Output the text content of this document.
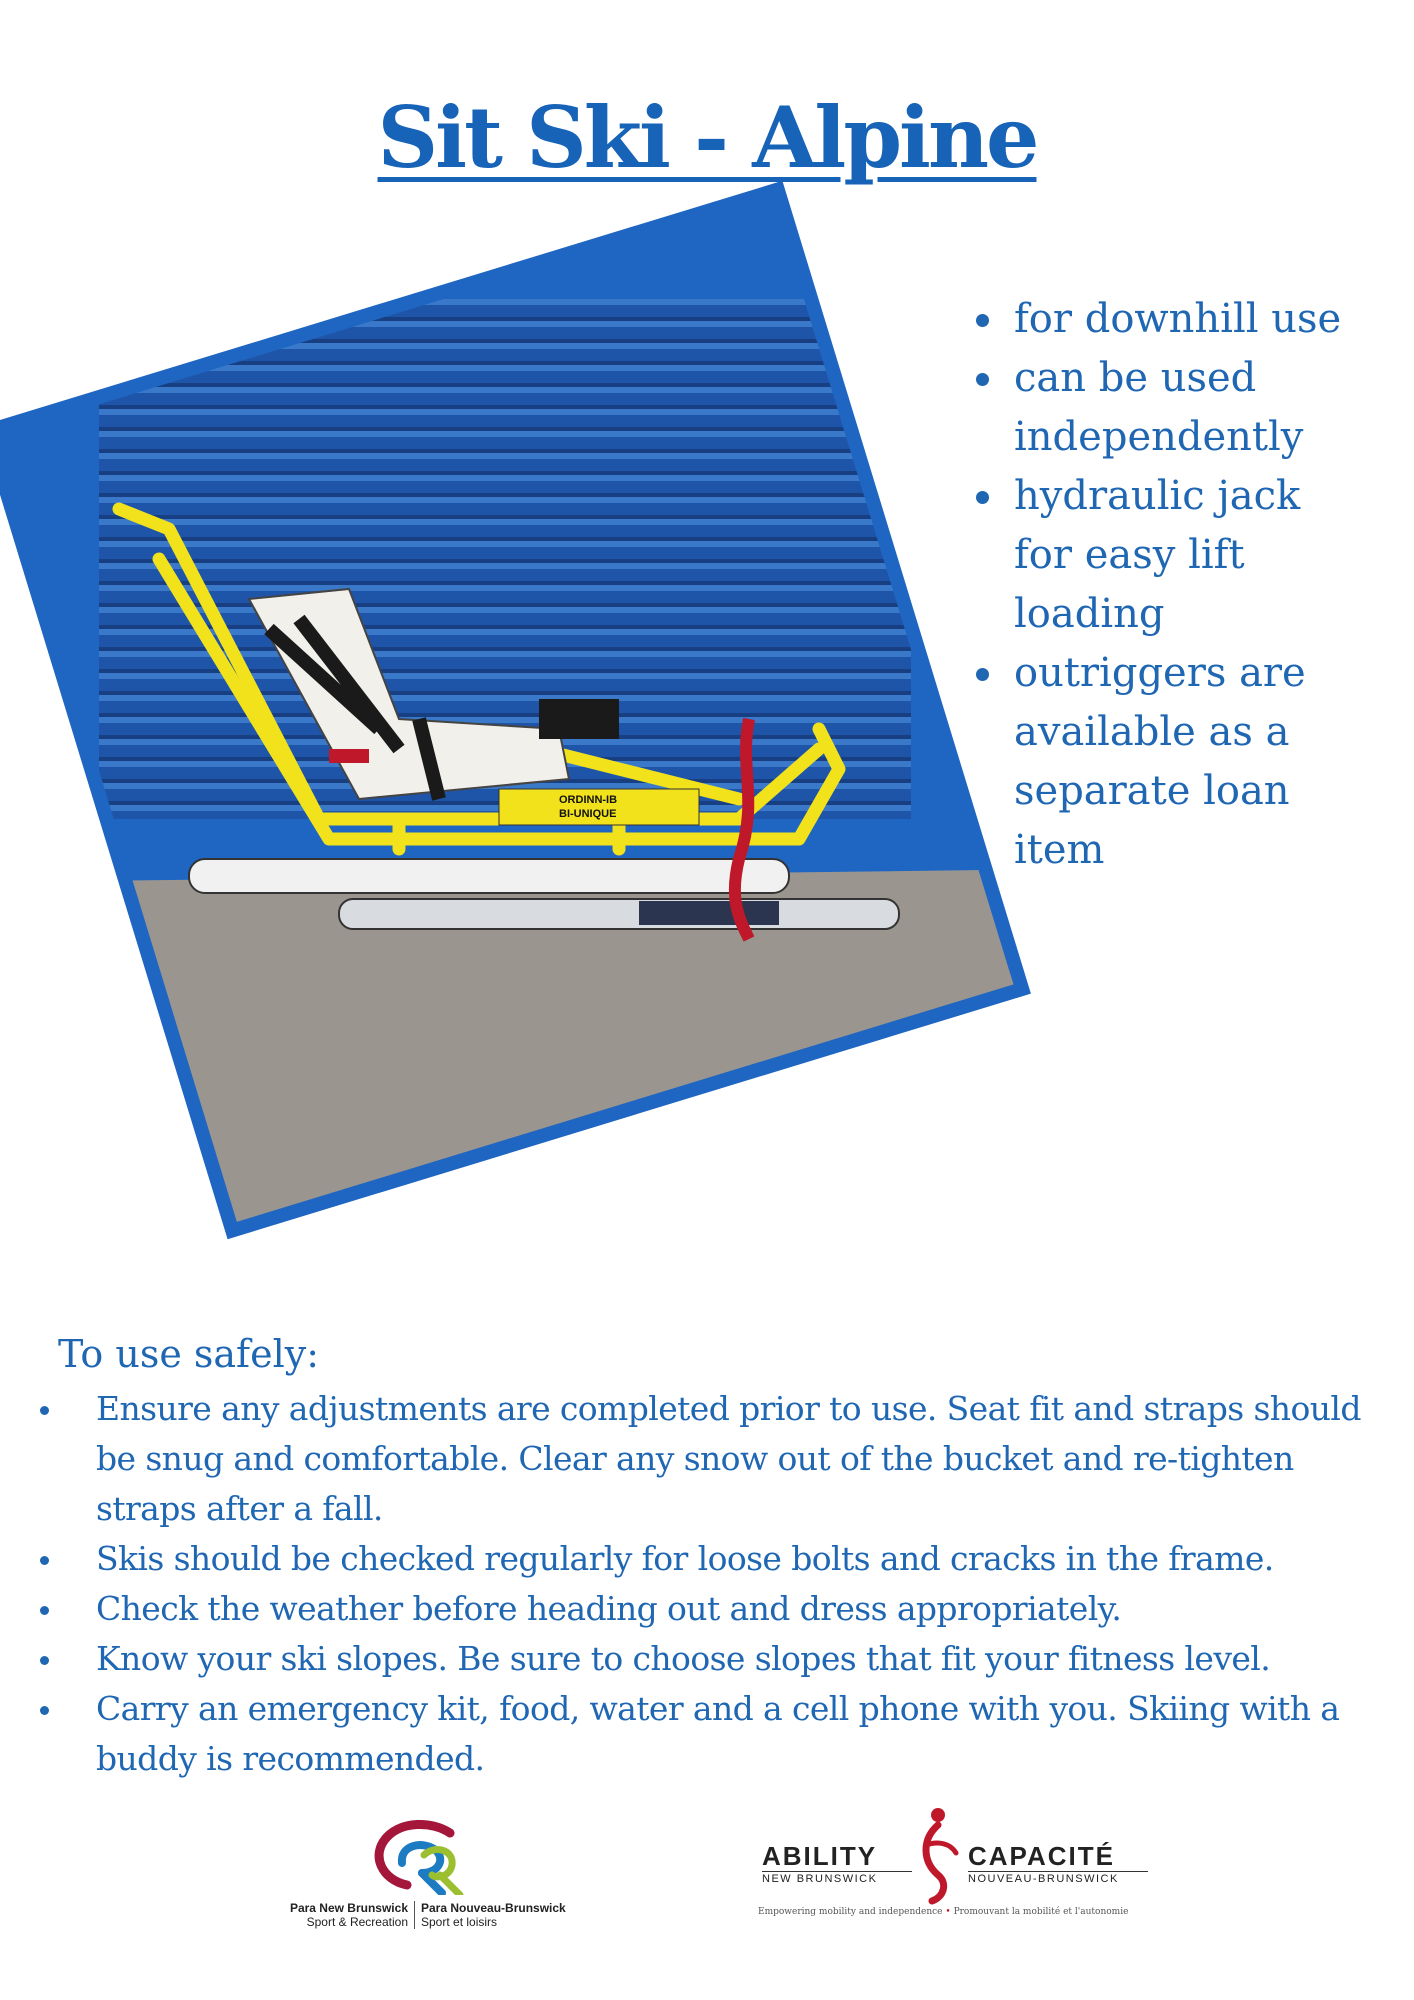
Sit Ski - Alpine
ORDINN-IB
BI-UNIQUE
for downhill use
can be used independently
hydraulic jack for easy lift loading
outriggers are available as a separate loan item
To use safely:
Ensure any adjustments are completed prior to use. Seat fit and straps should be snug and comfortable. Clear any snow out of the bucket and re-tighten straps after a fall.
Skis should be checked regularly for loose bolts and cracks in the frame.
Check the weather before heading out and dress appropriately.
Know your ski slopes. Be sure to choose slopes that fit your fitness level.
Carry an emergency kit, food, water and a cell phone with you. Skiing with a buddy is recommended.
Para New Brunswick
Sport & RecreationPara Nouveau-Brunswick
Sport et loisirs
ABILITY	CAPACITÉ
NEW BRUNSWICK	NOUVEAU-BRUNSWICK
Empowering mobility and independence • Promouvant la mobilité et l'autonomie
